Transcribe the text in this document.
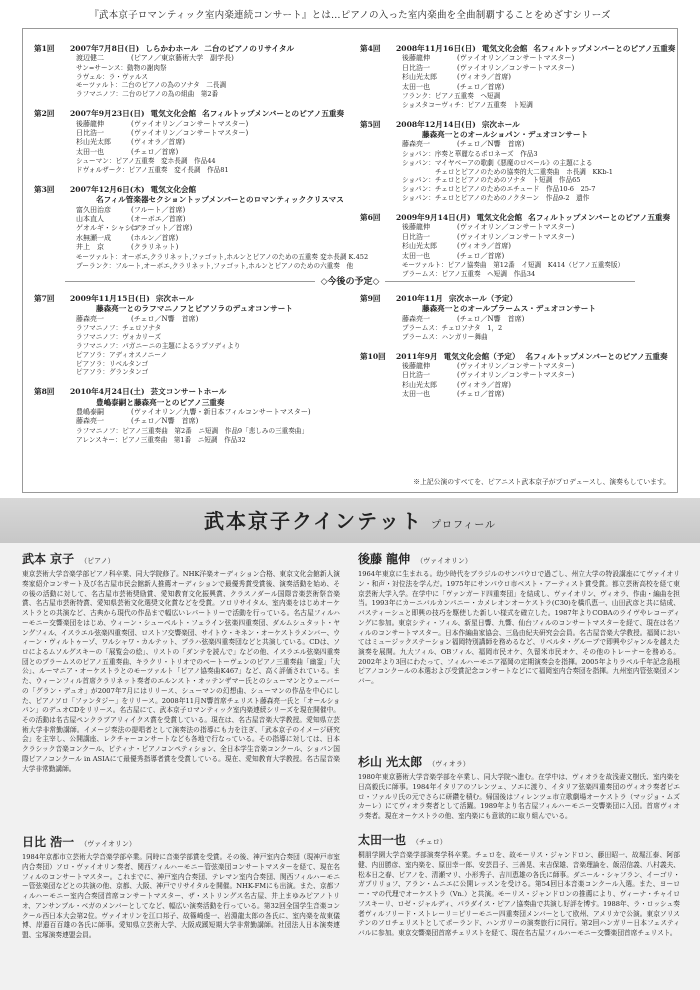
『武本京子ロマンティック室内楽連続コンサート』とは…ピアノの入った室内楽曲を全曲制覇することをめざすシリーズ
第1回	2007年7月8日(日) しらかわホール 二台のピアノのリサイタル
渡辺健二	(ピアノ／東京藝術大学　副学長)
サン=サーンス：動物の謝肉祭
ラヴェル：ラ・ヴァルス
モーツァルト：二台のピアノの為のソナタ　二長調
ラフマニノフ：二台のピアノの為の組曲　第2番
第2回	2007年9月23日(日) 電気文化会館 名フィルトップメンバーとのピアノ五重奏
後藤龍伸	(ヴァイオリン／コンサートマスター)
日比浩一	(ヴァイオリン／コンサートマスター)
杉山光太郎	(ヴィオラ／首席)
太田一也	(チェロ／首席)
シューマン：ピアノ五重奏　変ホ長調　作品44
ドヴォルザーク：ピアノ五重奏　変イ長調　作品81
第3回	2007年12月6日(木) 電気文化会館
名フィル管楽器セクショントップメンバーとのロマンティッククリスマス
富久田治彦	(フルート／首席)
山本直人	(オーボエ／首席)
ゲオルギ・シャシコフ(ファゴット／首席)
水無瀬一成	(ホルン／首席)
井上　京	(クラリネット)
モーツァルト：オーボエ,クラリネット,ファゴット,ホルンとピアノのための五重奏 変ホ長調 K.452
プーランク：フルート,オーボエ,クラリネット,ファゴット,ホルンとピアノのための六重奏　他
第4回	2008年11月16日(日) 電気文化会館 名フィルトップメンバーとのピアノ五重奏
後藤龍伸	(ヴァイオリン／コンサートマスター)
日比浩一	(ヴァイオリン／コンサートマスター)
杉山光太郎	(ヴィオラ／首席)
太田一也	(チェロ／首席)
フランク：ピアノ五重奏　へ短調
ショスタコーヴィチ：ピアノ五重奏　ト短調
第5回	2008年12月14日(日) 宗次ホール
藤森亮一とのオールショパン・デュオコンサート
藤森亮一	(チェロ／N響　首席)
ショパン：序奏と華麗なるポロネーズ　作品3
ショパン：マイヤベーアの歌劇《悪魔のロベール》の主題による
　　　　　チェロとピアノのための協奏的大二重奏曲　ホ長調　KKb-1
ショパン：チェロとピアノのためのソナタ　ト短調　作品65
ショパン：チェロとピアノのためのエチュード　作品10-6　25-7
ショパン：チェロとピアノのためのノクターン　作品9-2　遺作
第6回	2009年9月14日(月) 電気文化会館 名フィルトップメンバーとのピアノ五重奏
後藤龍伸	(ヴァイオリン／コンサートマスター)
日比浩一	(ヴァイオリン／コンサートマスター)
杉山光太郎	(ヴィオラ／首席)
太田一也	(チェロ／首席)
モーツァルト：ピアノ協奏曲　第12番　イ短調　K414（ピアノ五重奏版）
ブラームス：ピアノ五重奏　ヘ短調　作品34
◇今後の予定◇
第7回	2009年11月15日(日) 宗次ホール
藤森亮一とのラフマニノフとピアソラのデュオコンサート
藤森亮一	(チェロ／N響　首席)
ラフマニノフ：チェロソナタ
ラフマニノフ：ヴォカリーズ
ラフマニノフ：パガニーニの主題によるラプソディより
ピアソラ：アディオスノニーノ
ピアソラ：リベルタンゴ
ピアソラ：グランタンゴ
第8回	2010年4月24日(土) 芸文コンサートホール
豊嶋泰嗣と藤森亮一とのピアノ三重奏
豊嶋泰嗣	(ヴァイオリン／九響・新日本フィルコンサートマスター)
藤森亮一	(チェロ／N響　首席)
ラフマニノフ：ピアノ三重奏曲　第2番　ニ短調　作品9「悲しみの三重奏曲」
アレンスキー：ピアノ三重奏曲　第1番　ニ短調　作品32
第9回	2010年11月 宗次ホール（予定）
藤森亮一とのオールブラームス・デュオコンサート
藤森亮一	(チェロ／N響　首席)
ブラームス：チェロソナタ　1，2
ブラームス：ハンガリー舞曲
第10回	2011年9月 電気文化会館（予定） 名フィルトップメンバーとのピアノ五重奏
後藤龍伸	(ヴァイオリン／コンサートマスター)
日比浩一	(ヴァイオリン／コンサートマスター)
杉山光太郎	(ヴィオラ／首席)
太田一也	(チェロ／首席)
※上記公演のすべてを、ピアニスト武本京子がプロデュースし、演奏もしています。
武本京子クインテット プロフィール
武本 京子 （ピアノ）
東京芸術大学音楽学部ピアノ科卒業、同大学院修了。NHK洋楽オーディション合格、東京文化会館新人演奏家紹介コンサート及び名古屋市民会館新人推薦オーディションで最優秀賞受賞後、演奏活動を始め、その後の活動に対して、名古屋市芸術奨励賞、愛知教育文化振興賞、クラスノダール国際音楽芸術祭音楽賞、名古屋市芸術特賞、愛知県芸術文化選奨文化賞などを受賞。ソロリサイタル、室内楽をはじめオーケストラとの共演など、古典から現代の作品まで幅広いレパートリーで活動を行っている。名古屋フィルハーモニー交響楽団をはじめ、ウィーン・シューベルト・フェライン弦楽四重奏団、ダルムシュタット・ヤングフィル、イスラエル弦楽四重奏団、ロストフ交響楽団、サイトウ・キネン・オーケストラメンバー、ウィーン・ヴィルトゥーゾ、ワルシャワ・カルテット、プラハ弦楽四重奏団などと共演している。CDは、ソロによるムソルグスキーの「展覧会の絵」、リストの「ダンテを読んで」などの他、イスラエル弦楽四重奏団とのブラームスのピアノ五重奏曲、キラクリ・トリオでのベートーヴェンのピアノ三重奏曲「幽霊」「大公」、ルーマニア・オーケストラとのモーツァルト「ピアノ協奏曲K467」など、高く評価されている。また、ウィーンフィル首席クラリネット奏者のエルンスト・オッテンザマー氏とのシューマンとウェーバーの「グラン・デュオ」が2007年7月にはリリース、シューマンの幻想曲、シューマンの作品を中心にした、ピアノソロ「ファンタジー」をリリース。2008年11月N響首席チェリスト藤森亮一氏と「オールショパン」のデュオCDをリリース。名古屋にて、武本京子ロマンティック室内楽連続シリーズを現在開催中。その活動は名古屋ペンクラブアリィイクス賞を受賞している。現在は、名古屋音楽大学教授。愛知県立芸術大学非常勤講師。イメージ奏法の提唱者として演奏法の指導にも力を注ぎ、「武本京子のイメージ研究会」を主宰し、公開講座、レクチャーコンサートなども各地で行なっている。その指導に対しては、日本クラシック音楽コンクール、ピティナ・ピアノコンペティション、全日本学生音楽コンクール、ショパン国際ピアノコンクール in ASIAにて最優秀指導者賞を受賞している。現在、愛知教育大学教授。名古屋音楽大学非常勤講師。
日比 浩一 （ヴァイオリン）
1984年京都市立芸術大学音楽学部卒業。同時に音楽学部賞を受賞。その後、神戸室内合奏団（現神戸市室内合奏団）ソロ・ヴァイオリン奏者、関西フィルハーモニー管弦楽団コンサートマスターを経て、現在名フィルのコンサートマスター。これまでに、神戸室内合奏団、テレマン室内合奏団、関西フィルハーモニー管弦楽団などとの共演の他、京都、大阪、神戸でリサイタルを開催。NHK-FMにも出演。また、京都フィルハーモニー室内合奏団首席コンサートマスター、ザ・ストリングス名古屋、井上まゆみピアノトリオ、アンサンブル・ベガのメンバーとしてなど、幅広い演奏活動を行っている。第32回全国学生音楽コンクール西日本大会第2位。ヴァイオリンを江口邦子、故篠崎虔一、岩淵龍太郎の各氏に、室内楽を故東儀博、岸邉百百雄の各氏に師事。愛知県立芸術大学、大阪成蹊短期大学非常勤講師。社団法人日本演奏連盟、宝塚演奏連盟会員。
後藤 龍伸 （ヴァイオリン）
1964年東京に生まれる。幼少時代をブラジルのサンパウロで過ごし、州立大学の特設講座にてヴァイオリン・和声・対位法を学んだ。1975年にサンパウロ市ベスト・アーティスト賞受賞。都立芸術高校を経て東京芸術大学入学。在学中に「ヴァンガード四重奏団」を結成し、ヴァイオリン、ヴィオラ、作曲・編曲を担当。1993年にカーニバルカンパニー・カメレオンオーケストラ(C30)を橋爪恵一、山田武彦と共に結成、バスティーシュと即興の技巧を駆使した新しい様式を確立した。1987年よりCOBAのライヴやレコーディングに参加。東京シティ・フィル、新星日響、九響、仙台フィルのコンサートマスターを経て、現在は名フィルのコンサートマスター。日本作編曲家協会、三島由紀夫研究会会員。名古屋音楽大学教授。福岡においてはミュージックステーション福岡特別講師を務めるなど、リベルタ・グループで即興やジャンルを越えた演奏を展開。九大フィル、OBフィル、福岡市民オケ、久留米市民オケ、その他のトレーナーを務める。2002年より3回にわたって、フィルハーモニア福岡の定期演奏会を指揮。2005年よりラペル千年記念島根ピアノコンクールの本選および受賞記念コンサートなどにて福岡室内合奏団を指揮。九州室内管弦楽団メンバー。
杉山 光太郎 （ヴィオラ）
1980年東京藝術大学音楽学部を卒業し、同大学院へ進む。在学中は、ヴィオラを故浅妻文樹氏、室内楽を日高毅氏に師事。1984年イタリアのフレンツェ、ソエに渡り、イタリア弦楽四重奏団のヴィオラ奏者ピエロ・ファルリ氏の元でさらに研鑽を積む。帰国後はフィレンツェ市立歌劇場オーケストラ（マッジョ・ムズカーレ）にてヴィオラ奏者として活躍。1989年より名古屋フィルハーモニー交響楽団に入団。首席ヴィオラ奏者。現在オーケストラの他、室内楽にも意欲的に取り組んでいる。
太田一也 （チェロ）
桐朋学園大学音楽学部演奏学科卒業。チェロを、故モーリス・ジャンドロン、藤田昭一、故堀江泰、阿部健、内田勝彦、室内楽を、原田幸一郎、安芸昌子、三善晃、末吉保雄、音楽理論を、飯沼信義、八村義夫、松本日之春、ピアノを、清瀬マリ、小形秀子、吉川恵雄の各氏に師事。ダニール・シャフラン、イーゴリ・ガブリリョフ、アラン・ムニエに公開レッスンを受ける。第54回日本音楽コンクール入選。また、ヨーロー・マの代理でオーケストラ（Vn.）と共演。モーリス・ジャンドロンの推薦により、ヴィーナ・チャイロフスキーリ、ロゼ・ジャルディ、パラダイス・ピアノ協奏曲で共演し好評を博す。1988年、ラ・ロッシュ奏者ヴィルフリード・ストレーリ＝ピリーモニー四重奏団メンバーとして欧州、アメリカで公演。東京ソリステンのソロチェリストとしてポーランド、ハンガリーの演奏旅行に同行。第2回ハンガリー日本フェスティバルに参加。東京交響楽団首席チェリストを経て、現在名古屋フィルハーモニー交響楽団首席チェリスト。
